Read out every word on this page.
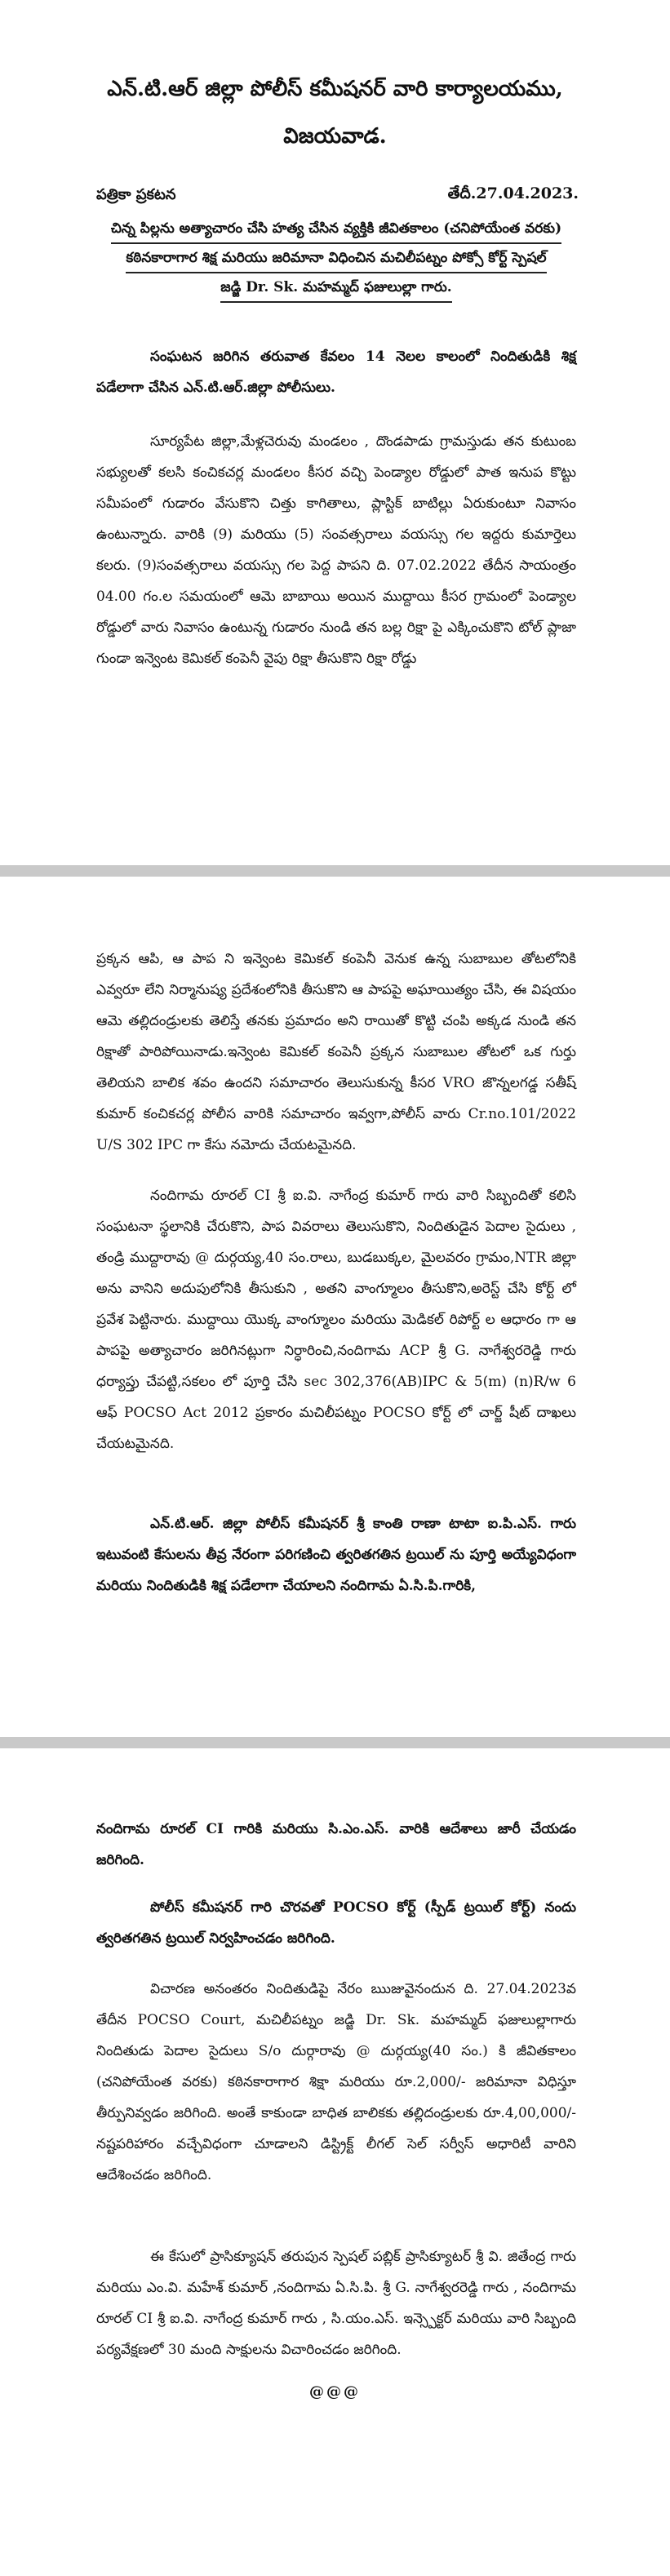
ఎన్.టి.ఆర్ జిల్లా పోలీస్ కమీషనర్ వారి కార్యాలయము,
విజయవాడ.
పత్రికా ప్రకటన	తేదీ.27.04.2023.
చిన్న పిల్లను అత్యాచారం చేసి హత్య చేసిన వ్యక్తికి జీవితకాలం (చనిపోయేంత వరకు)
కఠినకారాగార శిక్ష మరియు జరిమానా విధించిన మచిలీపట్నం పోక్సో కోర్ట్ స్పెషల్
జడ్జి Dr. Sk. మహమ్మద్ ఫజులుల్లా గారు.

సంఘటన జరిగిన తరువాత కేవలం 14 నెలల కాలంలో నిందితుడికి శిక్ష పడేలాగా చేసిన ఎన్.టి.ఆర్.జిల్లా పోలీసులు.

సూర్యపేట జిల్లా,మేళ్లచెరువు మండలం , దొండపాడు గ్రామస్తుడు తన కుటుంబ సభ్యులతో కలసి కంచికచర్ల మండలం కీసర వచ్చి పెండ్యాల రోడ్డులో పాత ఇనుప కొట్టు సమీపంలో గుడారం వేసుకొని చిత్తు కాగితాలు, ప్లాస్టిక్ బాటిల్లు ఏరుకుంటూ నివాసం ఉంటున్నారు. వారికి (9) మరియు (5) సంవత్సరాలు వయస్సు గల ఇద్దరు కుమార్తెలు కలరు. (9)సంవత్సరాలు వయస్సు గల పెద్ద పాపని ది. 07.02.2022 తేదీన సాయంత్రం 04.00 గం.ల సమయంలో ఆమె బాబాయి అయిన ముద్దాయి కీసర గ్రామంలో పెండ్యాల రోడ్డులో వారు నివాసం ఉంటున్న గుడారం నుండి తన బల్ల రిక్షా పై ఎక్కించుకొని టోల్ ప్లాజా గుండా ఇన్వెంట కెమికల్ కంపెనీ వైపు రిక్షా తీసుకొని రిక్షా రోడ్డు

ప్రక్కన ఆపి, ఆ పాప ని ఇన్వెంట కెమికల్ కంపెనీ వెనుక ఉన్న సుబాబుల తోటలోనికి ఎవ్వరూ లేని నిర్మానుష్య ప్రదేశంలోనికి తీసుకొని ఆ పాపపై అఘాయిత్యం చేసి, ఈ విషయం ఆమె తల్లిదండ్రులకు తెలిస్తే తనకు ప్రమాదం అని రాయితో కొట్టి చంపి అక్కడ నుండి తన రిక్షాతో పారిపోయినాడు.ఇన్వెంట కెమికల్ కంపెనీ ప్రక్కన సుబాబుల తోటలో ఒక గుర్తు తెలియని బాలిక శవం ఉందని సమాచారం తెలుసుకున్న కీసర VRO జొన్నలగడ్డ సతీష్ కుమార్ కంచికచర్ల పోలీస వారికి సమాచారం ఇవ్వగా,పోలీస్ వారు Cr.no.101/2022 U/S 302 IPC గా కేసు నమోదు చేయటమైనది.

నందిగామ రూరల్ CI శ్రీ ఐ.వి. నాగేంద్ర కుమార్ గారు వారి సిబ్బందితో కలిసి సంఘటనా స్థలానికి చేరుకొని, పాప వివరాలు తెలుసుకొని, నిందితుడైన పెదాల సైదులు , తండ్రి ముద్దారావు @ దుర్గయ్య,40 సం.రాలు, బుడబుక్కల, మైలవరం గ్రామం,NTR జిల్లా అను వానిని అదుపులోనికి తీసుకుని , అతని వాంగ్మూలం తీసుకొని,అరెస్ట్ చేసి కోర్ట్ లో ప్రవేశ పెట్టినారు. ముద్దాయి యొక్క వాంగ్మూలం మరియు మెడికల్ రిపోర్ట్ ల ఆధారం గా ఆ పాపపై అత్యాచారం జరిగినట్లుగా నిర్ధారించి,నందిగామ ACP శ్రీ G. నాగేశ్వరరెడ్డి గారు ధర్యాప్తు చేపట్టి,సకలం లో పూర్తి చేసి sec 302,376(AB)IPC & 5(m) (n)R/w 6 ఆఫ్ POCSO Act 2012 ప్రకారం మచిలీపట్నం POCSO కోర్ట్ లో చార్జ్ షీట్ దాఖలు చేయటమైనది.

ఎన్.టి.ఆర్. జిల్లా పోలీస్ కమీషనర్ శ్రీ కాంతి రాణా టాటా ఐ.పి.ఎస్. గారు ఇటువంటి కేసులను తీవ్ర నేరంగా పరిగణించి త్వరితగతిన ట్రయిల్ ను పూర్తి అయ్యేవిధంగా మరియు నిందితుడికి శిక్ష పడేలాగా చేయాలని నందిగామ ఏ.సి.పి.గారికి,

నందిగామ రూరల్ CI గారికి మరియు సి.ఎం.ఎస్. వారికి ఆదేశాలు జారీ చేయడం జరిగింది.

పోలీస్ కమీషనర్ గారి చొరవతో POCSO కోర్ట్ (స్పీడ్ ట్రయిల్ కోర్ట్) నందు త్వరితగతిన ట్రయిల్ నిర్వహించడం జరిగింది.

విచారణ అనంతరం నిందితుడిపై నేరం ఋజువైనందున ది. 27.04.2023వ తేదీన POCSO Court, మచిలీపట్నం జడ్జి Dr. Sk. మహమ్మద్ ఫజులుల్లాగారు నిందితుడు పెదాల సైదులు S/o దుర్గారావు @ దుర్గయ్య(40 సం.) కి జీవితకాలం (చనిపోయేంత వరకు) కఠినకారాగార శిక్షా మరియు రూ.2,000/- జరిమానా విధిస్తూ తీర్పునివ్వడం జరిగింది. అంతే కాకుండా బాధిత బాలికకు తల్లిదండ్రులకు రూ.4,00,000/- నష్టపరిహారం వచ్చేవిధంగా చూడాలని డిస్ట్రిక్ట్ లీగల్ సెల్ సర్వీస్ అధారిటీ వారిని ఆదేశించడం జరిగింది.

ఈ కేసులో ప్రాసిక్యూషన్ తరుపున స్పెషల్ పబ్లిక్ ప్రాసిక్యూటర్ శ్రీ వి. జితేంద్ర గారు మరియు ఎం.వి. మహేశ్ కుమార్ ,నందిగామ ఏ.సి.పి. శ్రీ G. నాగేశ్వరరెడ్డి గారు , నందిగామ రూరల్ CI శ్రీ ఐ.వి. నాగేంద్ర కుమార్ గారు , సి.యం.ఎస్. ఇన్స్పెక్టర్ మరియు వారి సిబ్బంది పర్యవేక్షణలో 30 మంది సాక్షులను విచారించడం జరిగింది.

@@@
